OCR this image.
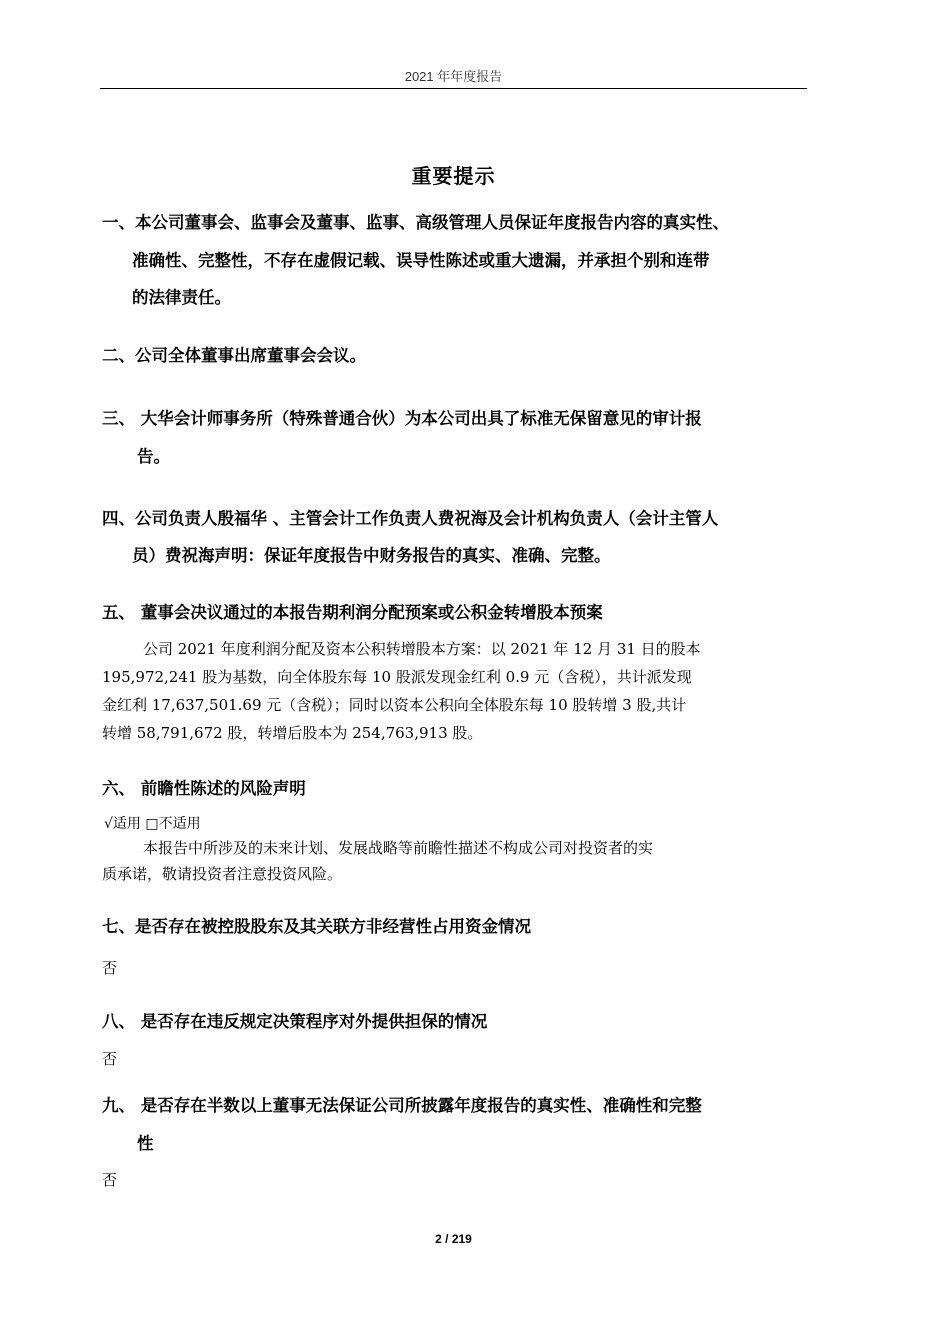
2021 年年度报告
重要提示
一、本公司董事会、监事会及董事、监事、高级管理人员保证年度报告内容的真实性、
准确性、完整性，不存在虚假记载、误导性陈述或重大遗漏，并承担个别和连带
的法律责任。
二、公司全体董事出席董事会会议。
三、 大华会计师事务所（特殊普通合伙）为本公司出具了标准无保留意见的审计报
告。
四、公司负责人殷福华 、主管会计工作负责人费祝海及会计机构负责人（会计主管人
员）费祝海声明：保证年度报告中财务报告的真实、准确、完整。
五、 董事会决议通过的本报告期利润分配预案或公积金转增股本预案
公司 2021 年度利润分配及资本公积转增股本方案：以 2021 年 12 月 31 日的股本
195,972,241 股为基数，向全体股东每 10 股派发现金红利 0.9 元（含税），共计派发现
金红利 17,637,501.69 元（含税）；同时以资本公积向全体股东每 10 股转增 3 股,共计
转增 58,791,672 股，转增后股本为 254,763,913 股。
六、 前瞻性陈述的风险声明
√适用 □不适用
本报告中所涉及的未来计划、发展战略等前瞻性描述不构成公司对投资者的实
质承诺，敬请投资者注意投资风险。
七、是否存在被控股股东及其关联方非经营性占用资金情况
否
八、 是否存在违反规定决策程序对外提供担保的情况
否
九、 是否存在半数以上董事无法保证公司所披露年度报告的真实性、准确性和完整
性
否
2 / 219
